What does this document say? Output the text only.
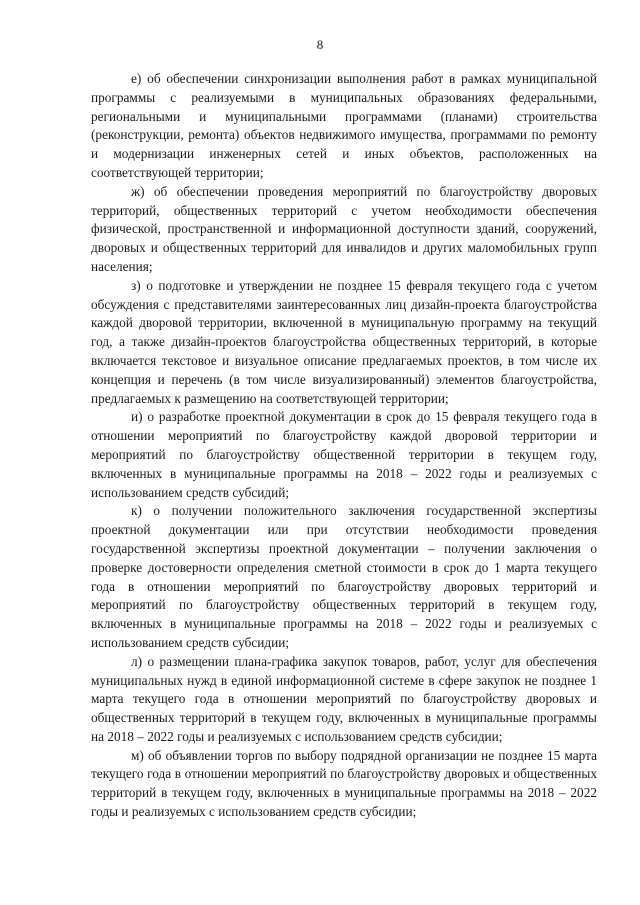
8

е) об обеспечении синхронизации выполнения работ в рамках муниципальной программы с реализуемыми в муниципальных образованиях федеральными, региональными и муниципальными программами (планами) строительства (реконструкции, ремонта) объектов недвижимого имущества, программами по ремонту и модернизации инженерных сетей и иных объектов, расположенных на соответствующей территории;

ж) об обеспечении проведения мероприятий по благоустройству дворовых территорий, общественных территорий с учетом необходимости обеспечения физической, пространственной и информационной доступности зданий, сооружений, дворовых и общественных территорий для инвалидов и других маломобильных групп населения;

з) о подготовке и утверждении не позднее 15 февраля текущего года с учетом обсуждения с представителями заинтересованных лиц дизайн-проекта благоустройства каждой дворовой территории, включенной в муниципальную программу на текущий год, а также дизайн-проектов благоустройства общественных территорий, в которые включается текстовое и визуальное описание предлагаемых проектов, в том числе их концепция и перечень (в том числе визуализированный) элементов благоустройства, предлагаемых к размещению на соответствующей территории;

и) о разработке проектной документации в срок до 15 февраля текущего года в отношении мероприятий по благоустройству каждой дворовой территории и мероприятий по благоустройству общественной территории в текущем году, включенных в муниципальные программы на 2018 – 2022 годы и реализуемых с использованием средств субсидий;

к) о получении положительного заключения государственной экспертизы проектной документации или при отсутствии необходимости проведения государственной экспертизы проектной документации – получении заключения о проверке достоверности определения сметной стоимости в срок до 1 марта текущего года в отношении мероприятий по благоустройству дворовых территорий и мероприятий по благоустройству общественных территорий в текущем году, включенных в муниципальные программы на 2018 – 2022 годы и реализуемых с использованием средств субсидии;

л) о размещении плана-графика закупок товаров, работ, услуг для обеспечения муниципальных нужд в единой информационной системе в сфере закупок не позднее 1 марта текущего года в отношении мероприятий по благоустройству дворовых и общественных территорий в текущем году, включенных в муниципальные программы на 2018 – 2022 годы и реализуемых с использованием средств субсидии;

м) об объявлении торгов по выбору подрядной организации не позднее 15 марта текущего года в отношении мероприятий по благоустройству дворовых и общественных территорий в текущем году, включенных в муниципальные программы на 2018 – 2022 годы и реализуемых с использованием средств субсидии;
